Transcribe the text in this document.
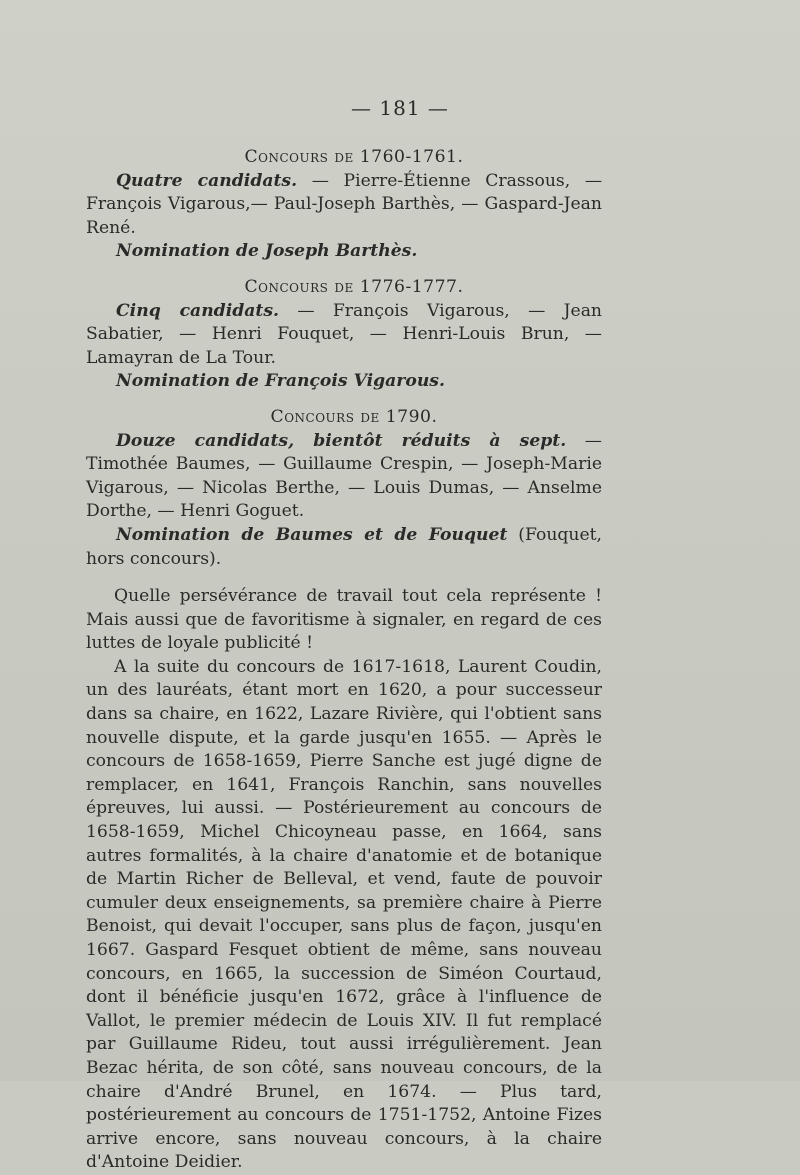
— 181 —

Concours de 1760-1761.

Quatre candidats. — Pierre-Étienne Crassous, — François Vigarous,— Paul-Joseph Barthès, — Gaspard-Jean René.

Nomination de Joseph Barthès.

Concours de 1776-1777.

Cinq candidats. — François Vigarous, — Jean Sabatier, — Henri Fouquet, — Henri-Louis Brun, — Lamayran de La Tour.

Nomination de François Vigarous.

Concours de 1790.

Douze candidats, bientôt réduits à sept. — Timothée Baumes, — Guillaume Crespin, — Joseph-Marie Vigarous, — Nicolas Berthe, — Louis Dumas, — Anselme Dorthe, — Henri Goguet.

Nomination de Baumes et de Fouquet (Fouquet, hors concours).

Quelle persévérance de travail tout cela représente ! Mais aussi que de favoritisme à signaler, en regard de ces luttes de loyale publicité !

A la suite du concours de 1617-1618, Laurent Coudin, un des lauréats, étant mort en 1620, a pour successeur dans sa chaire, en 1622, Lazare Rivière, qui l'obtient sans nouvelle dispute, et la garde jusqu'en 1655. — Après le concours de 1658-1659, Pierre Sanche est jugé digne de remplacer, en 1641, François Ranchin, sans nouvelles épreuves, lui aussi. — Postérieurement au concours de 1658-1659, Michel Chicoyneau passe, en 1664, sans autres formalités, à la chaire d'anatomie et de botanique de Martin Richer de Belleval, et vend, faute de pouvoir cumuler deux enseignements, sa première chaire à Pierre Benoist, qui devait l'occuper, sans plus de façon, jusqu'en 1667. Gaspard Fesquet obtient de même, sans nouveau concours, en 1665, la succession de Siméon Courtaud, dont il bénéficie jusqu'en 1672, grâce à l'influence de Vallot, le premier médecin de Louis XIV. Il fut remplacé par Guillaume Rideu, tout aussi irrégulièrement. Jean Bezac hérita, de son côté, sans nouveau concours, de la chaire d'André Brunel, en 1674. — Plus tard, postérieurement au concours de 1751-1752, Antoine Fizes arrive encore, sans nouveau concours, à la chaire d'Antoine Deidier.
